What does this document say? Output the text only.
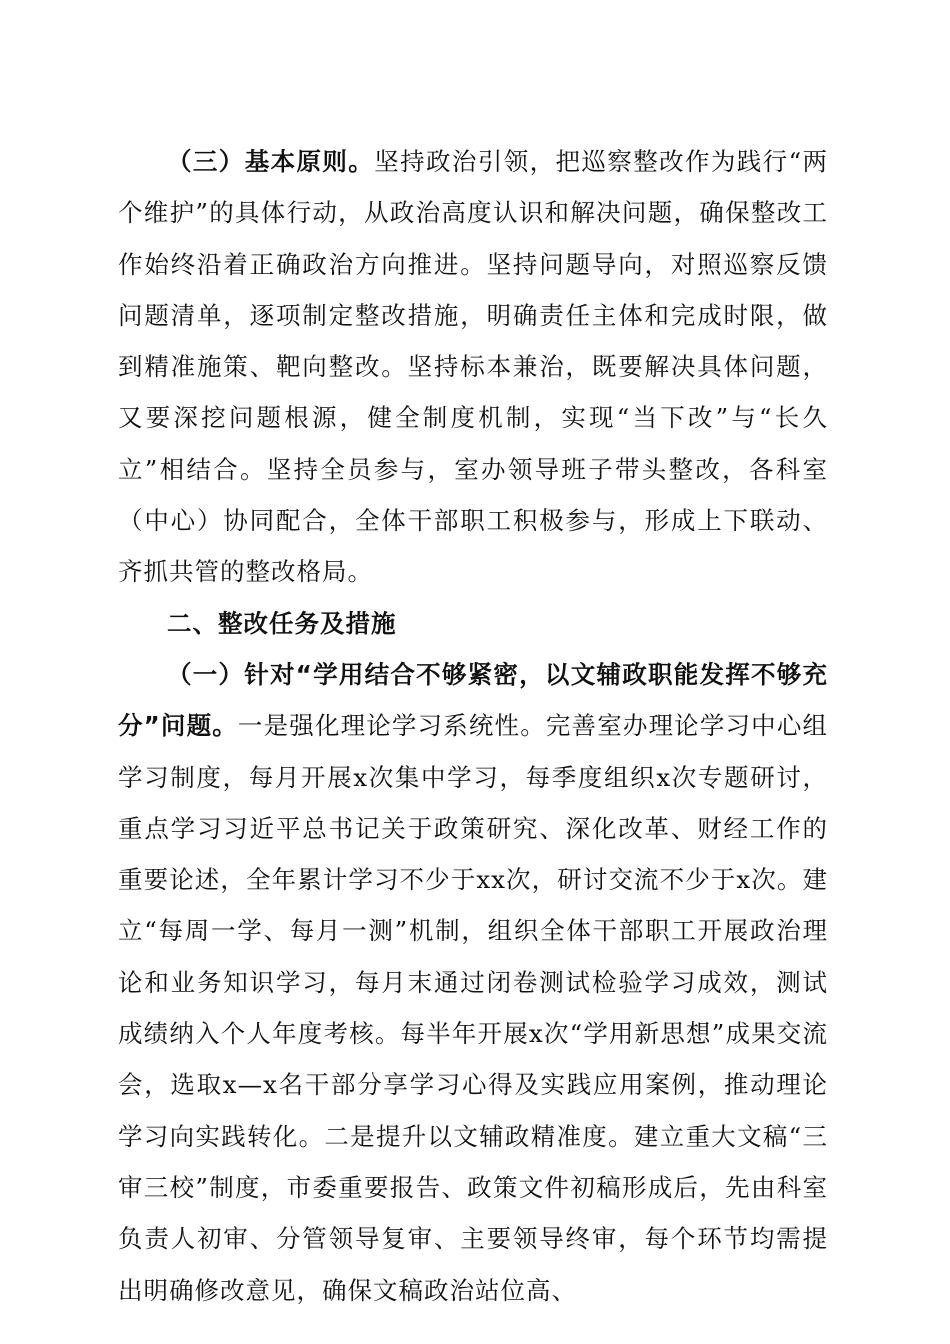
（三）基本原则。坚持政治引领，把巡察整改作为践行“两个维护”的具体行动，从政治高度认识和解决问题，确保整改工作始终沿着正确政治方向推进。坚持问题导向，对照巡察反馈问题清单，逐项制定整改措施，明确责任主体和完成时限，做到精准施策、靶向整改。坚持标本兼治，既要解决具体问题，又要深挖问题根源，健全制度机制，实现“当下改”与“长久立”相结合。坚持全员参与，室办领导班子带头整改，各科室（中心）协同配合，全体干部职工积极参与，形成上下联动、齐抓共管的整改格局。

二、整改任务及措施

（一）针对“学用结合不够紧密，以文辅政职能发挥不够充分”问题。一是强化理论学习系统性。完善室办理论学习中心组学习制度，每月开展x次集中学习，每季度组织x次专题研讨，重点学习习近平总书记关于政策研究、深化改革、财经工作的重要论述，全年累计学习不少于xx次，研讨交流不少于x次。建立“每周一学、每月一测”机制，组织全体干部职工开展政治理论和业务知识学习，每月末通过闭卷测试检验学习成效，测试成绩纳入个人年度考核。每半年开展x次“学用新思想”成果交流会，选取x—x名干部分享学习心得及实践应用案例，推动理论学习向实践转化。二是提升以文辅政精准度。建立重大文稿“三审三校”制度，市委重要报告、政策文件初稿形成后，先由科室负责人初审、分管领导复审、主要领导终审，每个环节均需提出明确修改意见，确保文稿政治站位高、
